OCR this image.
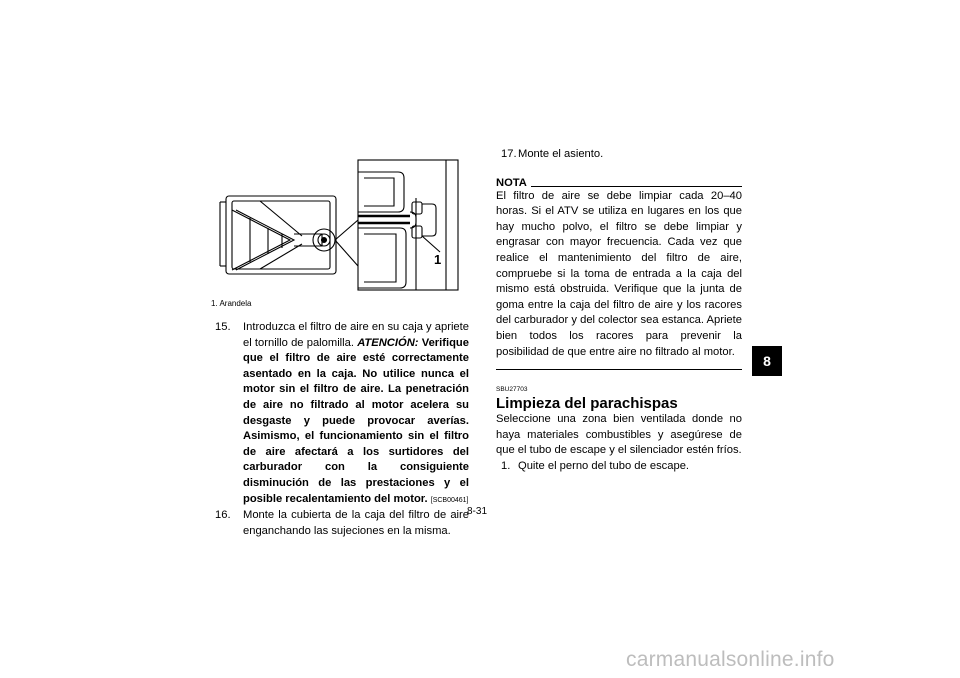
1
1. Arandela
15. Introduzca el filtro de aire en su caja y apriete el tornillo de palomilla. ATENCIÓN: Verifique que el filtro de aire esté correctamente asentado en la caja. No utilice nunca el motor sin el filtro de aire. La penetración de aire no filtrado al motor acelera su desgaste y puede provocar averías. Asimismo, el funcionamiento sin el filtro de aire afectará a los surtidores del carburador con la consiguiente disminución de las prestaciones y el posible recalentamiento del motor. [SCB00461]
16. Monte la cubierta de la caja del filtro de aire enganchando las sujeciones en la misma.
17. Monte el asiento.
NOTA
El filtro de aire se debe limpiar cada 20–40 horas. Si el ATV se utiliza en lugares en los que hay mucho polvo, el filtro se debe limpiar y engrasar con mayor frecuencia. Cada vez que realice el mantenimiento del filtro de aire, compruebe si la toma de entrada a la caja del mismo está obstruida. Verifique que la junta de goma entre la caja del filtro de aire y los racores del carburador y del colector sea estanca. Apriete bien todos los racores para prevenir la posibilidad de que entre aire no filtrado al motor.
SBU27703
Limpieza del parachispas
Seleccione una zona bien ventilada donde no haya materiales combustibles y asegúrese de que el tubo de escape y el silenciador estén fríos.
1. Quite el perno del tubo de escape.
8
8-31
carmanualsonline.info
